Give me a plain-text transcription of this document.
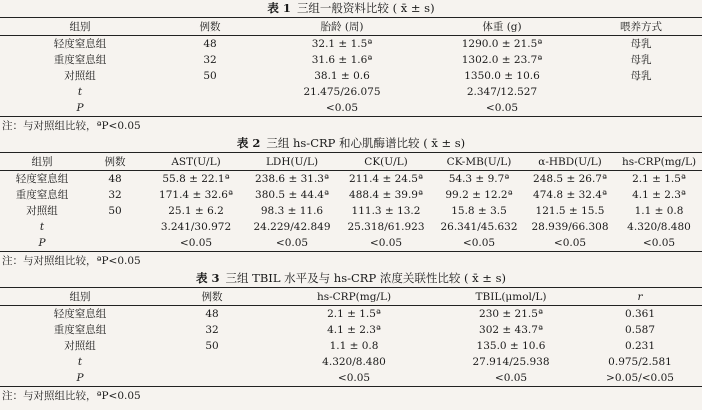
表 1 三组一般资料比较 ( x̄ ± s)
组别	例数	胎龄 (周)	体重 (g)	喂养方式
轻度窒息组	48	32.1 ± 1.5ª	1290.0 ± 21.5ª	母乳
重度窒息组	32	31.6 ± 1.6ª	1302.0 ± 23.7ª	母乳
对照组	50	38.1 ± 0.6	1350.0 ± 10.6	母乳
t		21.475/26.075	2.347/12.527	
P		<0.05	<0.05	
注：与对照组比较，ªP<0.05
表 2 三组 hs-CRP 和心肌酶谱比较 ( x̄ ± s)
组别	例数	AST(U/L)	LDH(U/L)	CK(U/L)	CK-MB(U/L)	α-HBD(U/L)	hs-CRP(mg/L)
轻度窒息组	48	55.8 ± 22.1ª	238.6 ± 31.3ª	211.4 ± 24.5ª	54.3 ± 9.7ª	248.5 ± 26.7ª	2.1 ± 1.5ª
重度窒息组	32	171.4 ± 32.6ª	380.5 ± 44.4ª	488.4 ± 39.9ª	99.2 ± 12.2ª	474.8 ± 32.4ª	4.1 ± 2.3ª
对照组	50	25.1 ± 6.2	98.3 ± 11.6	111.3 ± 13.2	15.8 ± 3.5	121.5 ± 15.5	1.1 ± 0.8
t		3.241/30.972	24.229/42.849	25.318/61.923	26.341/45.632	28.939/66.308	4.320/8.480
P		<0.05	<0.05	<0.05	<0.05	<0.05	<0.05
注：与对照组比较，ªP<0.05
表 3 三组 TBIL 水平及与 hs-CRP 浓度关联性比较 ( x̄ ± s)
组别	例数	hs-CRP(mg/L)	TBIL(μmol/L)	r
轻度窒息组	48	2.1 ± 1.5ª	230 ± 21.5ª	0.361
重度窒息组	32	4.1 ± 2.3ª	302 ± 43.7ª	0.587
对照组	50	1.1 ± 0.8	135.0 ± 10.6	0.231
t		4.320/8.480	27.914/25.938	0.975/2.581
P		<0.05	<0.05	>0.05/<0.05
注：与对照组比较，ªP<0.05
